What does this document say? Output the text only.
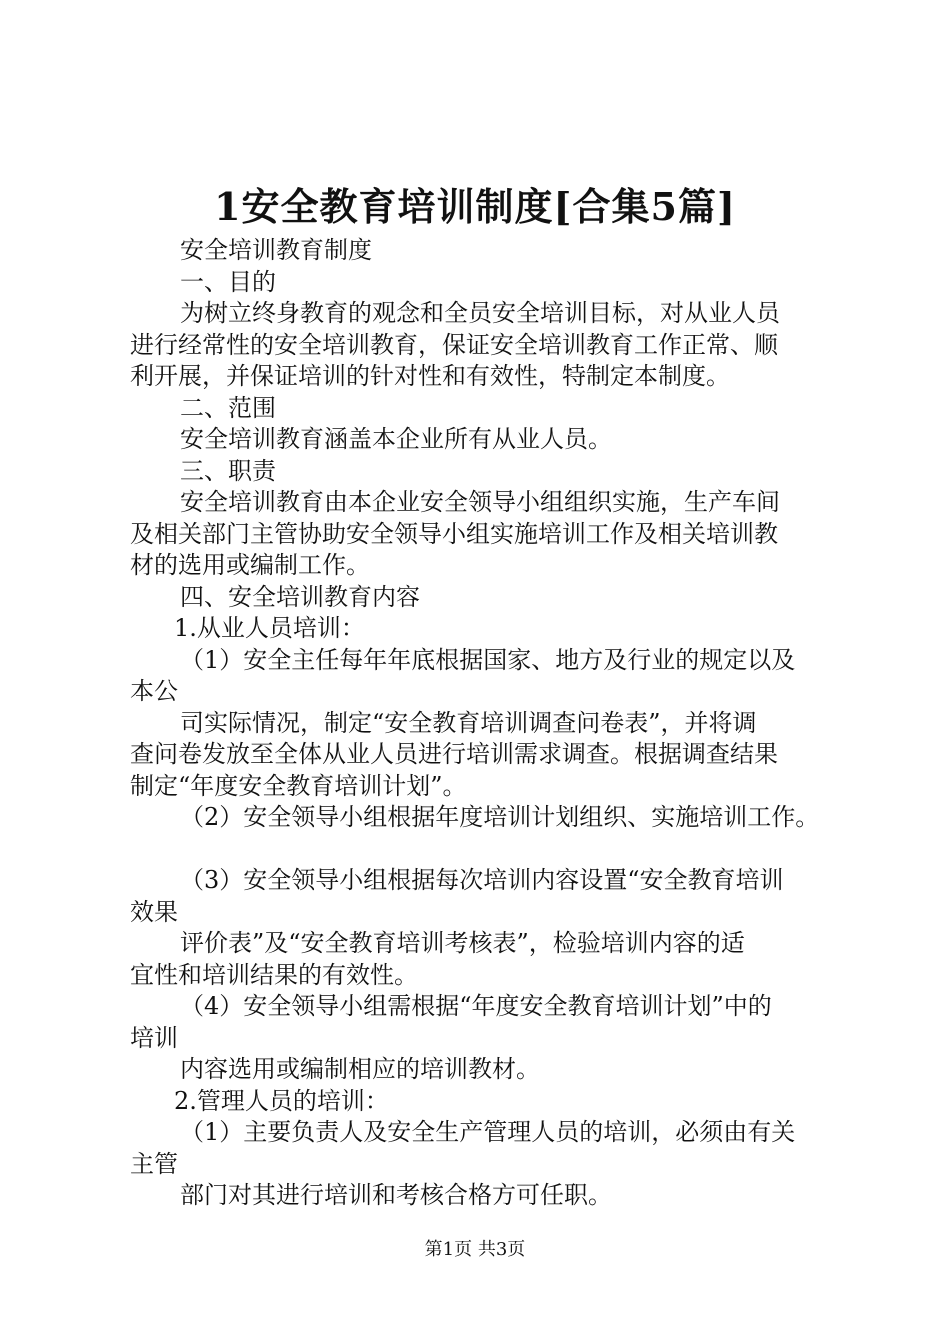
1安全教育培训制度[合集5篇]
安全培训教育制度
一、目的
为树立终身教育的观念和全员安全培训目标，对从业人员
进行经常性的安全培训教育，保证安全培训教育工作正常、顺
利开展，并保证培训的针对性和有效性，特制定本制度。
二、范围
安全培训教育涵盖本企业所有从业人员。
三、职责
安全培训教育由本企业安全领导小组组织实施，生产车间
及相关部门主管协助安全领导小组实施培训工作及相关培训教
材的选用或编制工作。
四、安全培训教育内容
1.从业人员培训：
（1）安全主任每年年底根据国家、地方及行业的规定以及
本公
司实际情况，制定“安全教育培训调查问卷表”，并将调
查问卷发放至全体从业人员进行培训需求调查。根据调查结果
制定“年度安全教育培训计划”。
（2）安全领导小组根据年度培训计划组织、实施培训工作。
（3）安全领导小组根据每次培训内容设置“安全教育培训
效果
评价表”及“安全教育培训考核表”，检验培训内容的适
宜性和培训结果的有效性。
（4）安全领导小组需根据“年度安全教育培训计划”中的
培训
内容选用或编制相应的培训教材。
2.管理人员的培训：
（1）主要负责人及安全生产管理人员的培训，必须由有关
主管
部门对其进行培训和考核合格方可任职。
第1页 共3页
